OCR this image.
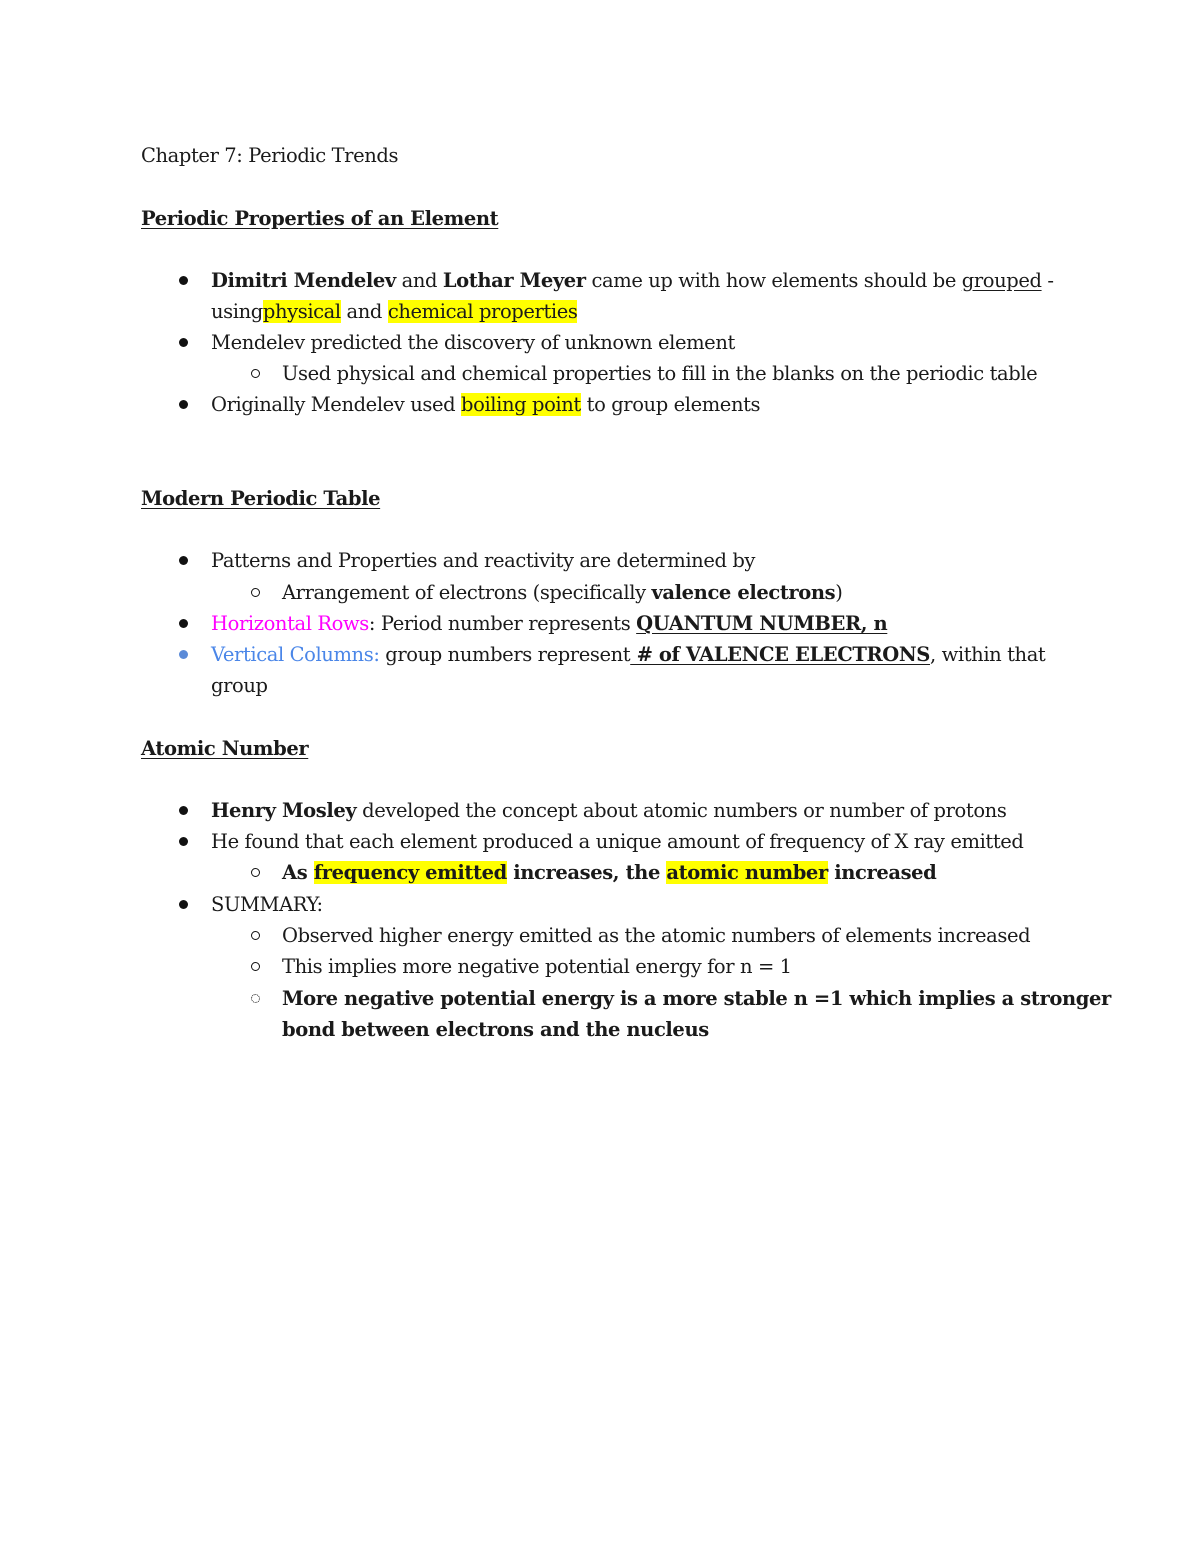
Chapter 7: Periodic Trends
Periodic Properties of an Element
Dimitri Mendelev and Lothar Meyer came up with how elements should be grouped -
usingphysical and chemical properties
Mendelev predicted the discovery of unknown element
Used physical and chemical properties to fill in the blanks on the periodic table
Originally Mendelev used boiling point to group elements
Modern Periodic Table
Patterns and Properties and reactivity are determined by
Arrangement of electrons (specifically valence electrons)
Horizontal Rows: Period number represents QUANTUM NUMBER, n
Vertical Columns: group numbers represent # of VALENCE ELECTRONS, within that
group
Atomic Number
Henry Mosley developed the concept about atomic numbers or number of protons
He found that each element produced a unique amount of frequency of X ray emitted
As frequency emitted increases, the atomic number increased
SUMMARY:
Observed higher energy emitted as the atomic numbers of elements increased
This implies more negative potential energy for n = 1
More negative potential energy is a more stable n =1 which implies a stronger
bond between electrons and the nucleus
